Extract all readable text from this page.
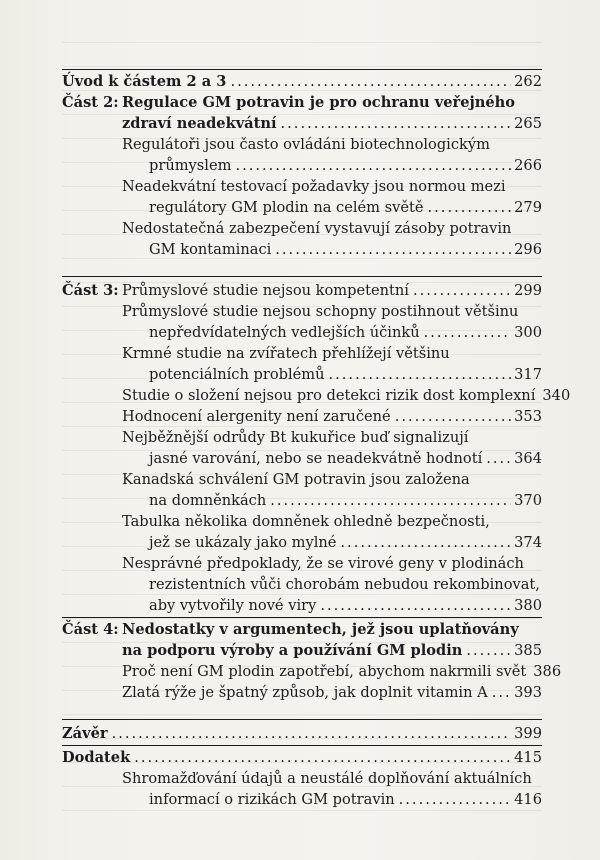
Úvod k částem 2 a 3 .....	262
Část 2: Regulace GM potravin je pro ochranu veřejného
zdraví neadekvátní .....	265
Regulátoři jsou často ovládáni biotechnologickým
průmyslem .....	266
Neadekvátní testovací požadavky jsou normou mezi
regulátory GM plodin na celém světě .....	279
Nedostatečná zabezpečení vystavují zásoby potravin
GM kontaminaci .....	296
Část 3: Průmyslové studie nejsou kompetentní .....	299
Průmyslové studie nejsou schopny postihnout většinu
nepředvídatelných vedlejších účinků .....	300
Krmné studie na zvířatech přehlížejí většinu
potenciálních problémů .....	317
Studie o složení nejsou pro detekci rizik dost komplexní 340
Hodnocení alergenity není zaručené .....	353
Nejběžnější odrůdy Bt kukuřice buď signalizují
jasné varování, nebo se neadekvátně hodnotí ..... 364
Kanadská schválení GM potravin jsou založena
na domněnkách .....	370
Tabulka několika domněnek ohledně bezpečnosti,
jež se ukázaly jako mylné .....	374
Nesprávné předpoklady, že se virové geny v plodinách
rezistentních vůči chorobám nebudou rekombinovat,
aby vytvořily nové viry .....	380
Část 4: Nedostatky v argumentech, jež jsou uplatňovány
na podporu výroby a používání GM plodin .....	385
Proč není GM plodin zapotřebí, abychom nakrmili svět 386
Zlatá rýže je špatný způsob, jak doplnit vitamin A ..... 393
Závěr .....	399
Dodatek .....	415
Shromažďování údajů a neustálé doplňování aktuálních
informací o rizikách GM potravin .....	416
